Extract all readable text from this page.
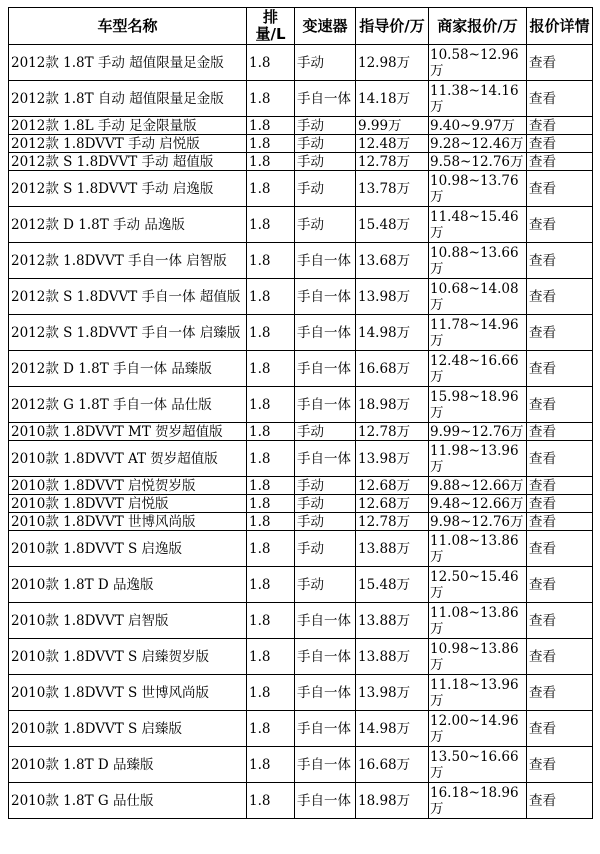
车型名称	排量/L	变速器	指导价/万	商家报价/万	报价详情
2012款 1.8T 手动 超值限量足金版	1.8	手动	12.98万	10.58~12.96万	查看
2012款 1.8T 自动 超值限量足金版	1.8	手自一体	14.18万	11.38~14.16万	查看
2012款 1.8L 手动 足金限量版	1.8	手动	9.99万	9.40~9.97万	查看
2012款 1.8DVVT 手动 启悦版	1.8	手动	12.48万	9.28~12.46万	查看
2012款 S 1.8DVVT 手动 超值版	1.8	手动	12.78万	9.58~12.76万	查看
2012款 S 1.8DVVT 手动 启逸版	1.8	手动	13.78万	10.98~13.76万	查看
2012款 D 1.8T 手动 品逸版	1.8	手动	15.48万	11.48~15.46万	查看
2012款 1.8DVVT 手自一体 启智版	1.8	手自一体	13.68万	10.88~13.66万	查看
2012款 S 1.8DVVT 手自一体 超值版	1.8	手自一体	13.98万	10.68~14.08万	查看
2012款 S 1.8DVVT 手自一体 启臻版	1.8	手自一体	14.98万	11.78~14.96万	查看
2012款 D 1.8T 手自一体 品臻版	1.8	手自一体	16.68万	12.48~16.66万	查看
2012款 G 1.8T 手自一体 品仕版	1.8	手自一体	18.98万	15.98~18.96万	查看
2010款 1.8DVVT MT 贺岁超值版	1.8	手动	12.78万	9.99~12.76万	查看
2010款 1.8DVVT AT 贺岁超值版	1.8	手自一体	13.98万	11.98~13.96万	查看
2010款 1.8DVVT 启悦贺岁版	1.8	手动	12.68万	9.88~12.66万	查看
2010款 1.8DVVT 启悦版	1.8	手动	12.68万	9.48~12.66万	查看
2010款 1.8DVVT 世博风尚版	1.8	手动	12.78万	9.98~12.76万	查看
2010款 1.8DVVT S 启逸版	1.8	手动	13.88万	11.08~13.86万	查看
2010款 1.8T D 品逸版	1.8	手动	15.48万	12.50~15.46万	查看
2010款 1.8DVVT 启智版	1.8	手自一体	13.88万	11.08~13.86万	查看
2010款 1.8DVVT S 启臻贺岁版	1.8	手自一体	13.88万	10.98~13.86万	查看
2010款 1.8DVVT S 世博风尚版	1.8	手自一体	13.98万	11.18~13.96万	查看
2010款 1.8DVVT S 启臻版	1.8	手自一体	14.98万	12.00~14.96万	查看
2010款 1.8T D 品臻版	1.8	手自一体	16.68万	13.50~16.66万	查看
2010款 1.8T G 品仕版	1.8	手自一体	18.98万	16.18~18.96万	查看
